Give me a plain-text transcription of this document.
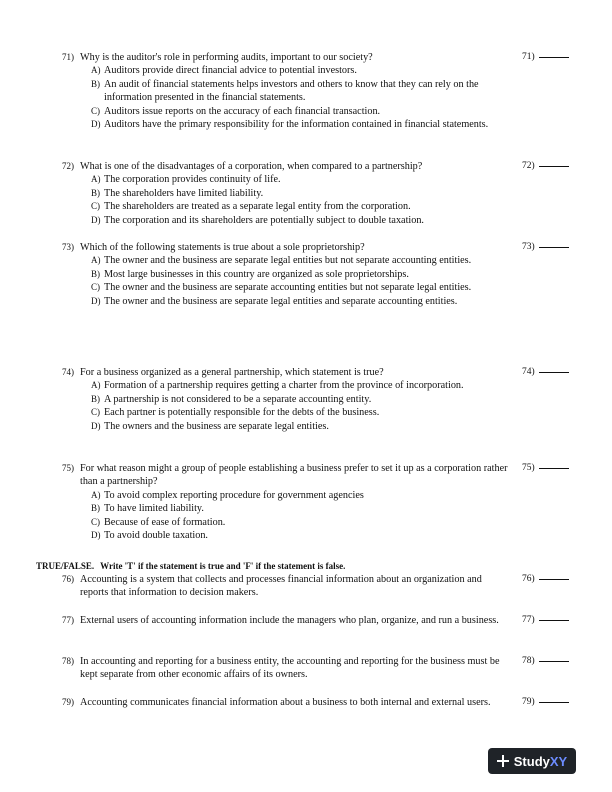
71) Why is the auditor's role in performing audits, important to our society?
A) Auditors provide direct financial advice to potential investors.
B) An audit of financial statements helps investors and others to know that they can rely on the information presented in the financial statements.
C) Auditors issue reports on the accuracy of each financial transaction.
D) Auditors have the primary responsibility for the information contained in financial statements.
71)
72) What is one of the disadvantages of a corporation, when compared to a partnership?
A) The corporation provides continuity of life.
B) The shareholders have limited liability.
C) The shareholders are treated as a separate legal entity from the corporation.
D) The corporation and its shareholders are potentially subject to double taxation.
72)
73) Which of the following statements is true about a sole proprietorship?
A) The owner and the business are separate legal entities but not separate accounting entities.
B) Most large businesses in this country are organized as sole proprietorships.
C) The owner and the business are separate accounting entities but not separate legal entities.
D) The owner and the business are separate legal entities and separate accounting entities.
73)
74) For a business organized as a general partnership, which statement is true?
A) Formation of a partnership requires getting a charter from the province of incorporation.
B) A partnership is not considered to be a separate accounting entity.
C) Each partner is potentially responsible for the debts of the business.
D) The owners and the business are separate legal entities.
74)
75) For what reason might a group of people establishing a business prefer to set it up as a corporation rather than a partnership?
A) To avoid complex reporting procedure for government agencies
B) To have limited liability.
C) Because of ease of formation.
D) To avoid double taxation.
75)
TRUE/FALSE. Write 'T' if the statement is true and 'F' if the statement is false.
76) Accounting is a system that collects and processes financial information about an organization and reports that information to decision makers.
76)
77) External users of accounting information include the managers who plan, organize, and run a business.	77)
78) In accounting and reporting for a business entity, the accounting and reporting for the business must be kept separate from other economic affairs of its owners.
78)
79) Accounting communicates financial information about a business to both internal and external users.	79)
Study XY
